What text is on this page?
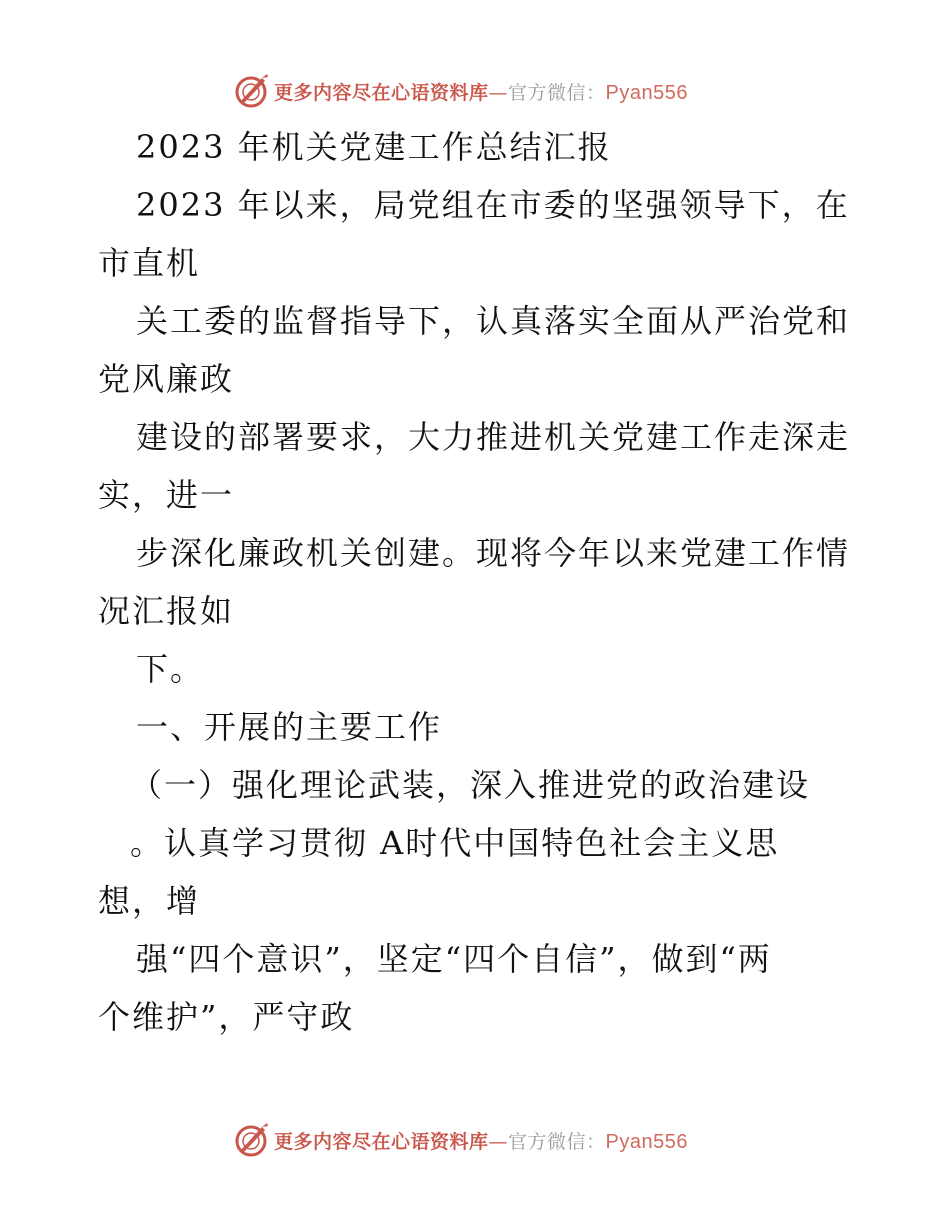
更多内容尽在心语资料库—官方微信：Pyan556
2023 年机关党建工作总结汇报
2023 年以来，局党组在市委的坚强领导下，在
市直机
关工委的监督指导下，认真落实全面从严治党和
党风廉政
建设的部署要求，大力推进机关党建工作走深走
实，进一
步深化廉政机关创建。现将今年以来党建工作情
况汇报如
下。
一、开展的主要工作
（一）强化理论武装，深入推进党的政治建设
。认真学习贯彻 A时代中国特色社会主义思
想，增
强“四个意识”，坚定“四个自信”，做到“两
个维护”，严守政
更多内容尽在心语资料库—官方微信：Pyan556
